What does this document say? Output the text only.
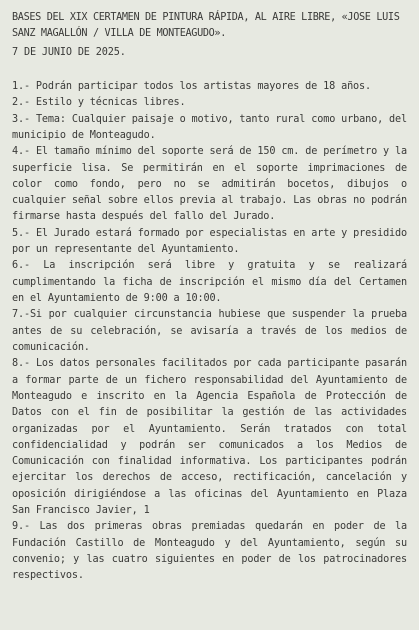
BASES DEL XIX CERTAMEN DE PINTURA RÁPIDA, AL AIRE LIBRE, «JOSE LUIS SANZ MAGALLÓN / VILLA DE MONTEAGUDO».

7 DE JUNIO DE 2025.

1.- Podrán participar todos los artistas mayores de 18 años.

2.- Estilo y técnicas libres.

3.- Tema: Cualquier paisaje o motivo, tanto rural como urbano, del municipio de Monteagudo.

4.- El tamaño mínimo del soporte será de 150 cm. de perímetro y la superficie lisa. Se permitirán en el soporte imprimaciones de color como fondo, pero no se admitirán bocetos, dibujos o cualquier señal sobre ellos previa al trabajo. Las obras no podrán firmarse hasta después del fallo del Jurado.

5.- El Jurado estará formado por especialistas en arte y presidido por un representante del Ayuntamiento.

6.- La inscripción será libre y gratuita y se realizará cumplimentando la ficha de inscripción el mismo día del Certamen en el Ayuntamiento de 9:00 a 10:00.

7.-Si por cualquier circunstancia hubiese que suspender la prueba antes de su celebración, se avisaría a través de los medios de comunicación.

8.- Los datos personales facilitados por cada participante pasarán a formar parte de un fichero responsabilidad del Ayuntamiento de Monteagudo e inscrito en la Agencia Española de Protección de Datos con el fin de posibilitar la gestión de las actividades organizadas por el Ayuntamiento. Serán tratados con total confidencialidad y podrán ser comunicados a los Medios de Comunicación con finalidad informativa. Los participantes podrán ejercitar los derechos de acceso, rectificación, cancelación y oposición dirigiéndose a las oficinas del Ayuntamiento en Plaza San Francisco Javier, 1

9.- Las dos primeras obras premiadas quedarán en poder de la Fundación Castillo de Monteagudo y del Ayuntamiento, según su convenio; y las cuatro siguientes en poder de los patrocinadores respectivos.
